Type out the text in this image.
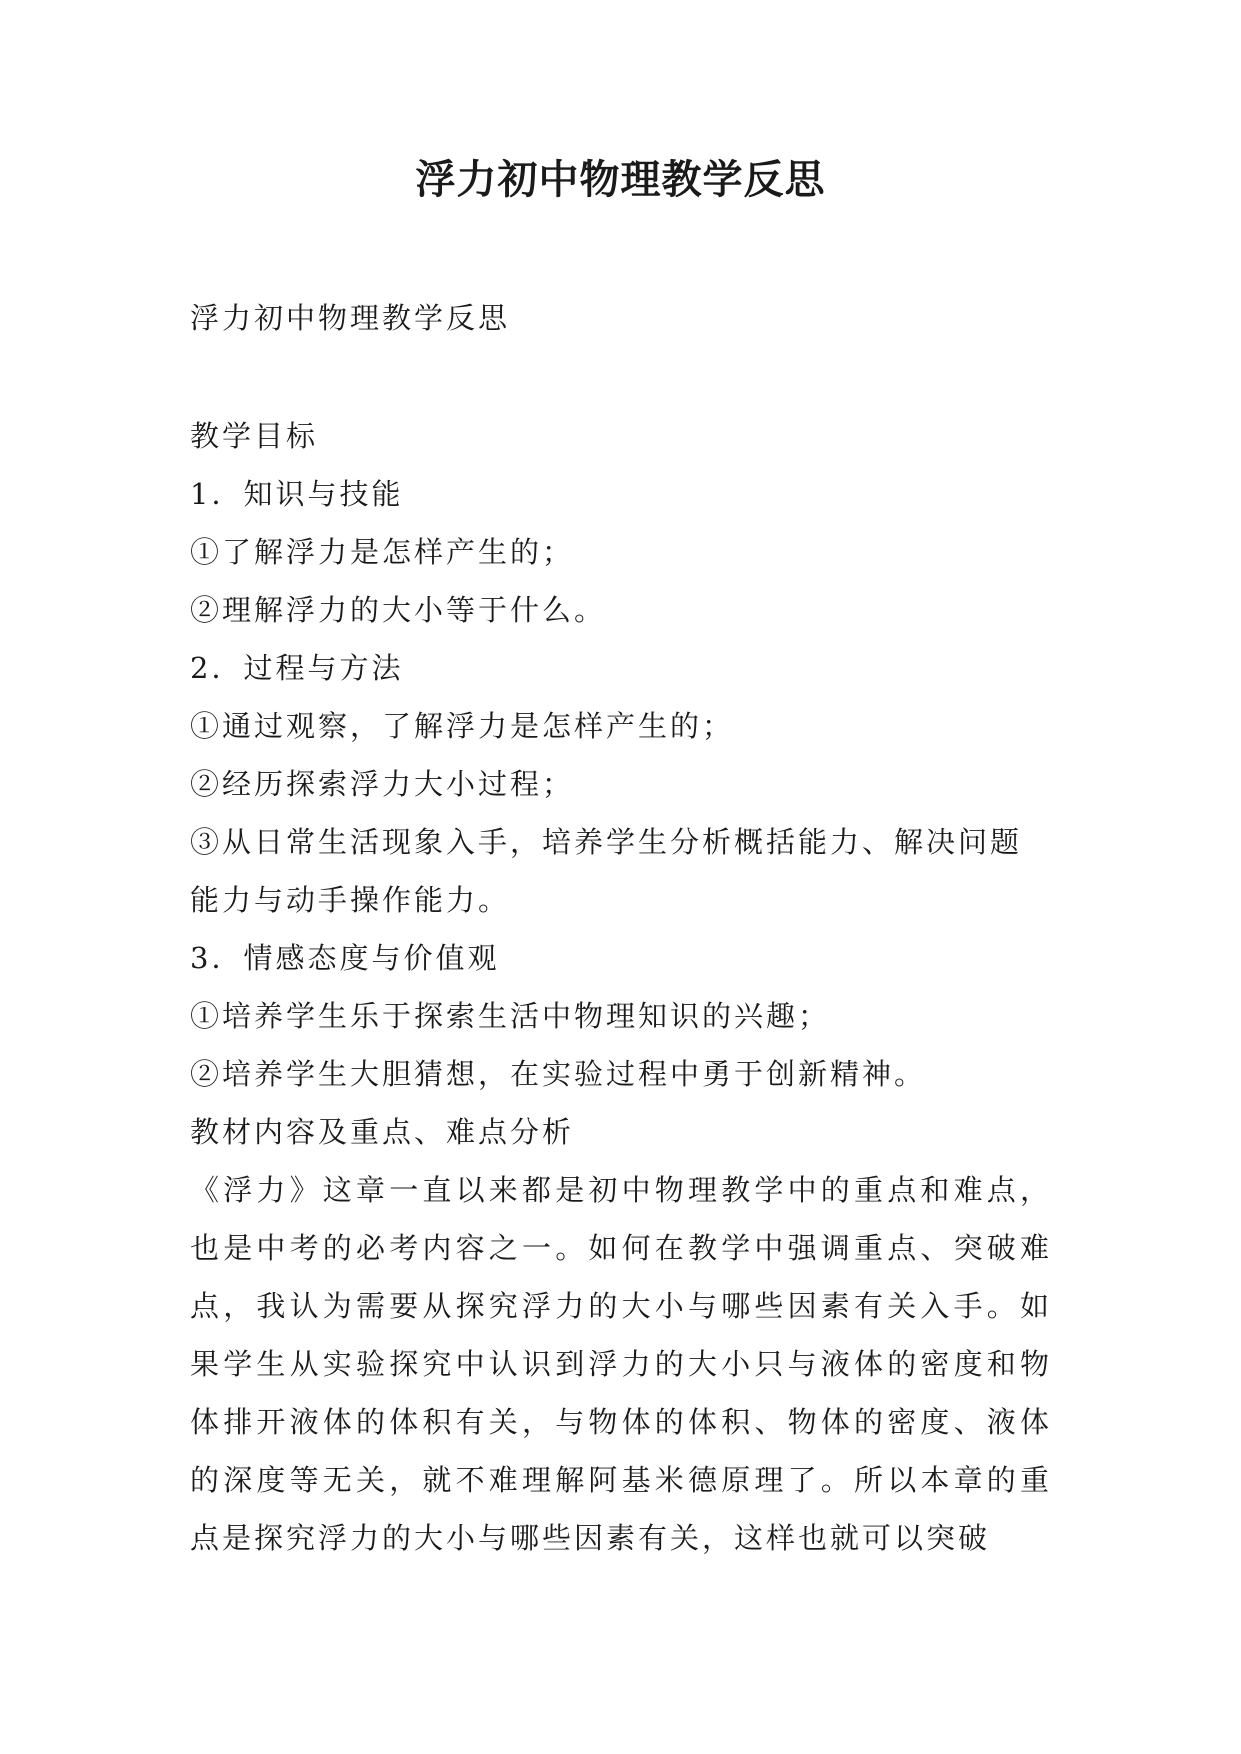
浮力初中物理教学反思

浮力初中物理教学反思

教学目标

1．知识与技能

①了解浮力是怎样产生的；

②理解浮力的大小等于什么。

2．过程与方法

①通过观察，了解浮力是怎样产生的；

②经历探索浮力大小过程；

③从日常生活现象入手，培养学生分析概括能力、解决问题

能力与动手操作能力。

3．情感态度与价值观

①培养学生乐于探索生活中物理知识的兴趣；

②培养学生大胆猜想，在实验过程中勇于创新精神。

教材内容及重点、难点分析

《浮力》这章一直以来都是初中物理教学中的重点和难点，也是中考的必考内容之一。如何在教学中强调重点、突破难点，我认为需要从探究浮力的大小与哪些因素有关入手。如果学生从实验探究中认识到浮力的大小只与液体的密度和物体排开液体的体积有关，与物体的体积、物体的密度、液体的深度等无关，就不难理解阿基米德原理了。所以本章的重点是探究浮力的大小与哪些因素有关，这样也就可以突破
